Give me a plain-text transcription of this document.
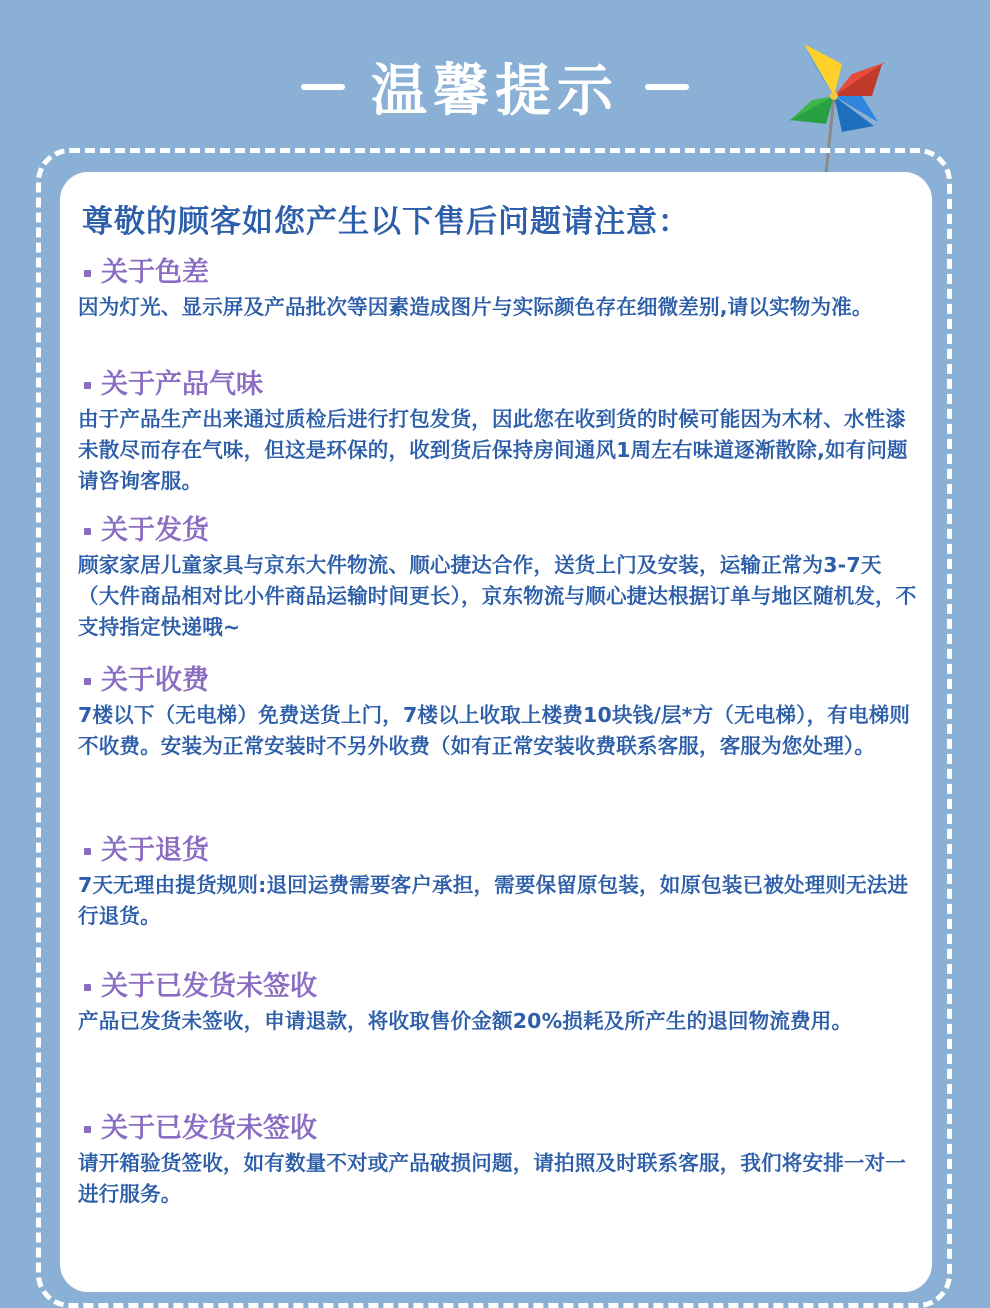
温馨提示
尊敬的顾客如您产生以下售后问题请注意：
关于色差
因为灯光、显示屏及产品批次等因素造成图片与实际颜色存在细微差别,请以实物为准。
关于产品气味
由于产品生产出来通过质检后进行打包发货，因此您在收到货的时候可能因为木材、水性漆未散尽而存在气味，但这是环保的，收到货后保持房间通风1周左右味道逐渐散除,如有问题请咨询客服。
关于发货
顾家家居儿童家具与京东大件物流、顺心捷达合作，送货上门及安装，运输正常为3-7天（大件商品相对比小件商品运输时间更长），京东物流与顺心捷达根据订单与地区随机发，不支持指定快递哦~
关于收费
7楼以下（无电梯）免费送货上门，7楼以上收取上楼费10块钱/层*方（无电梯），有电梯则不收费。安装为正常安装时不另外收费（如有正常安装收费联系客服，客服为您处理）。
关于退货
7天无理由提货规则:退回运费需要客户承担，需要保留原包装，如原包装已被处理则无法进行退货。
关于已发货未签收
产品已发货未签收，申请退款，将收取售价金额20%损耗及所产生的退回物流费用。
关于已发货未签收
请开箱验货签收，如有数量不对或产品破损问题，请拍照及时联系客服，我们将安排一对一进行服务。
